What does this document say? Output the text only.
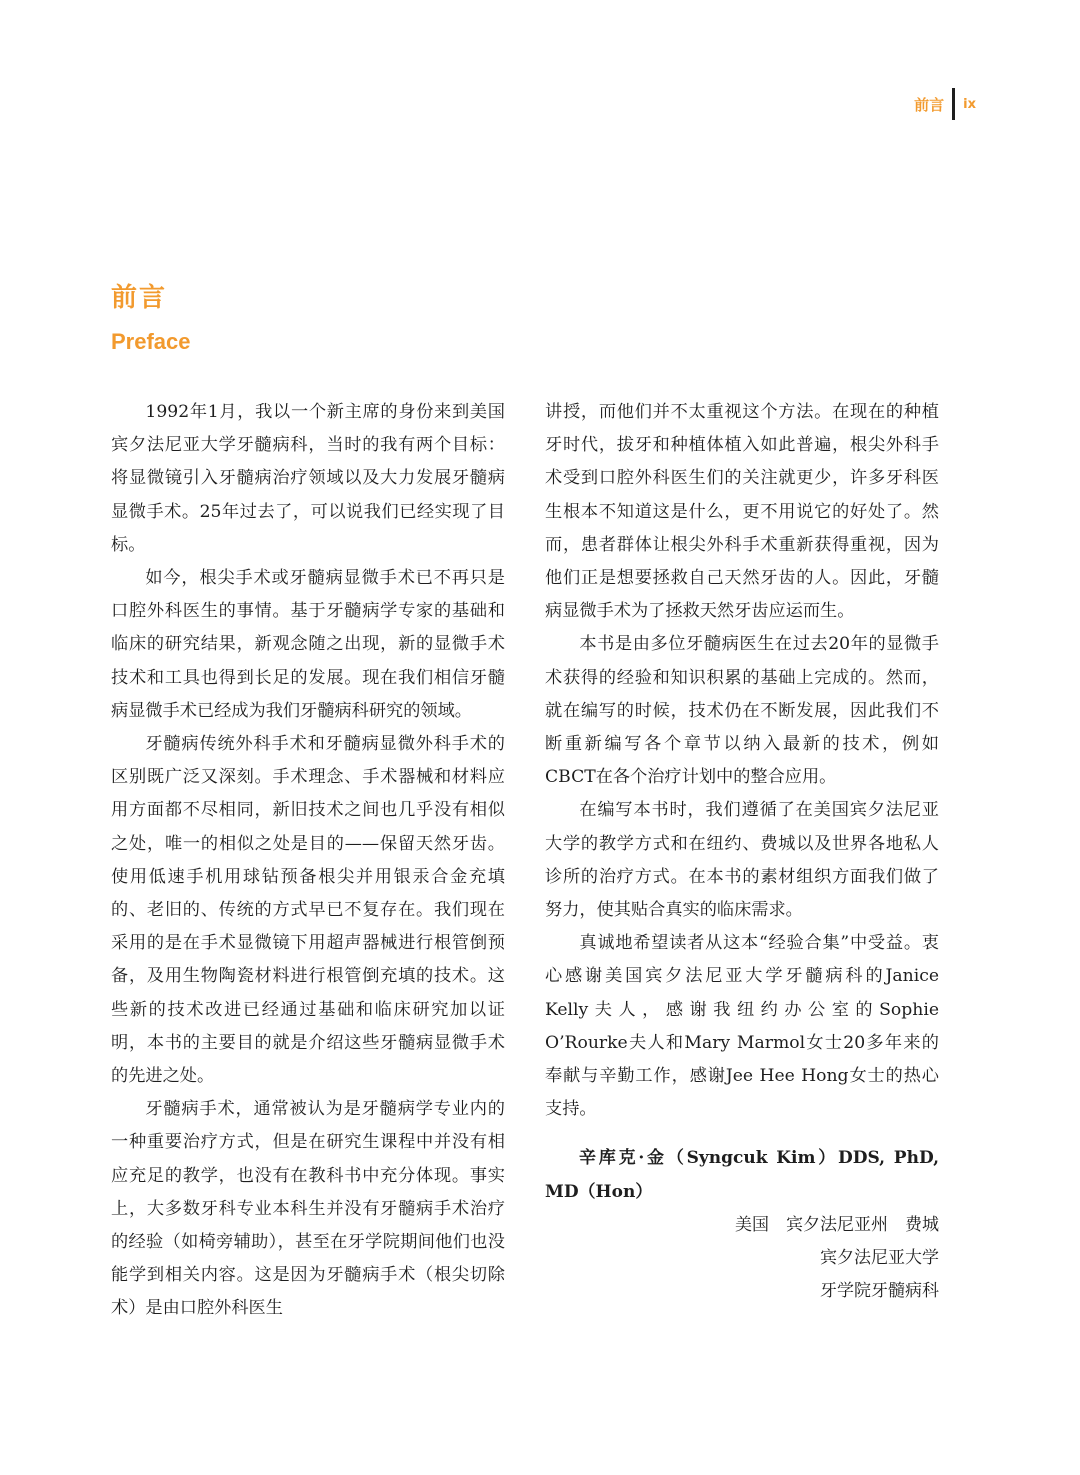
前言 ix
前言
Preface

1992年1月，我以一个新主席的身份来到美国宾夕法尼亚大学牙髓病科，当时的我有两个目标：将显微镜引入牙髓病治疗领域以及大力发展牙髓病显微手术。25年过去了，可以说我们已经实现了目标。

如今，根尖手术或牙髓病显微手术已不再只是口腔外科医生的事情。基于牙髓病学专家的基础和临床的研究结果，新观念随之出现，新的显微手术技术和工具也得到长足的发展。现在我们相信牙髓病显微手术已经成为我们牙髓病科研究的领域。

牙髓病传统外科手术和牙髓病显微外科手术的区别既广泛又深刻。手术理念、手术器械和材料应用方面都不尽相同，新旧技术之间也几乎没有相似之处，唯一的相似之处是目的——保留天然牙齿。使用低速手机用球钻预备根尖并用银汞合金充填的、老旧的、传统的方式早已不复存在。我们现在采用的是在手术显微镜下用超声器械进行根管倒预备，及用生物陶瓷材料进行根管倒充填的技术。这些新的技术改进已经通过基础和临床研究加以证明，本书的主要目的就是介绍这些牙髓病显微手术的先进之处。

牙髓病手术，通常被认为是牙髓病学专业内的一种重要治疗方式，但是在研究生课程中并没有相应充足的教学，也没有在教科书中充分体现。事实上，大多数牙科专业本科生并没有牙髓病手术治疗的经验（如椅旁辅助），甚至在牙学院期间他们也没能学到相关内容。这是因为牙髓病手术（根尖切除术）是由口腔外科医生

讲授，而他们并不太重视这个方法。在现在的种植牙时代，拔牙和种植体植入如此普遍，根尖外科手术受到口腔外科医生们的关注就更少，许多牙科医生根本不知道这是什么，更不用说它的好处了。然而，患者群体让根尖外科手术重新获得重视，因为他们正是想要拯救自己天然牙齿的人。因此，牙髓病显微手术为了拯救天然牙齿应运而生。

本书是由多位牙髓病医生在过去20年的显微手术获得的经验和知识积累的基础上完成的。然而，就在编写的时候，技术仍在不断发展，因此我们不断重新编写各个章节以纳入最新的技术，例如CBCT在各个治疗计划中的整合应用。

在编写本书时，我们遵循了在美国宾夕法尼亚大学的教学方式和在纽约、费城以及世界各地私人诊所的治疗方式。在本书的素材组织方面我们做了努力，使其贴合真实的临床需求。

真诚地希望读者从这本“经验合集”中受益。衷心感谢美国宾夕法尼亚大学牙髓病科的Janice Kelly夫人，感谢我纽约办公室的Sophie O’Rourke夫人和Mary Marmol女士20多年来的奉献与辛勤工作，感谢Jee Hee Hong女士的热心支持。

辛库克·金（Syngcuk Kim）DDS, PhD, MD（Hon）

美国　宾夕法尼亚州　费城

宾夕法尼亚大学

牙学院牙髓病科
